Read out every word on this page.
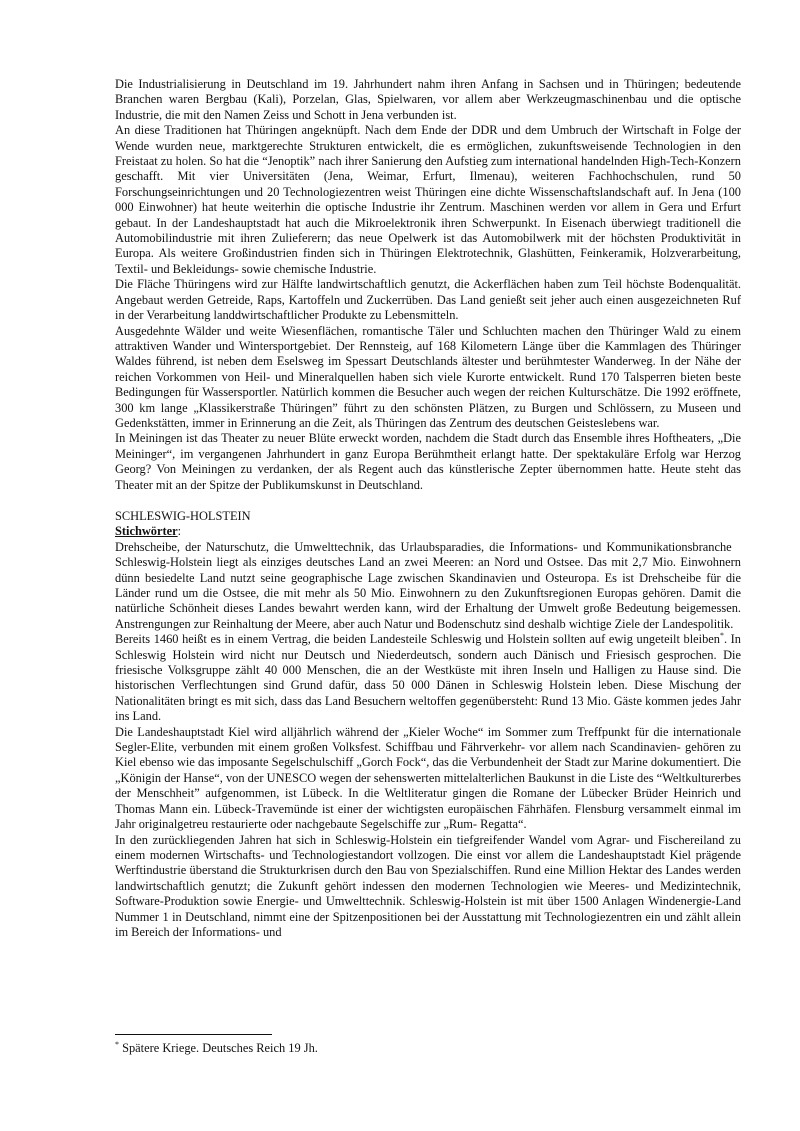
Die Industrialisierung in Deutschland im 19. Jahrhundert nahm ihren Anfang in Sachsen und in Thüringen; bedeutende Branchen waren Bergbau (Kali), Porzelan, Glas, Spielwaren, vor allem aber Werkzeugmaschinenbau und die optische Industrie, die mit den Namen Zeiss und Schott in Jena verbunden ist.

An diese Traditionen hat Thüringen angeknüpft. Nach dem Ende der DDR und dem Umbruch der Wirtschaft in Folge der Wende wurden neue, marktgerechte Strukturen entwickelt, die es ermöglichen, zukunftsweisende Technologien in den Freistaat zu holen. So hat die “Jenoptik” nach ihrer Sanierung den Aufstieg zum international handelnden High-Tech-Konzern geschafft. Mit vier Universitäten (Jena, Weimar, Erfurt, Ilmenau), weiteren Fachhochschulen, rund 50 Forschungseinrichtungen und 20 Technologiezentren weist Thüringen eine dichte Wissenschaftslandschaft auf. In Jena (100 000 Einwohner) hat heute weiterhin die optische Industrie ihr Zentrum. Maschinen werden vor allem in Gera und Erfurt gebaut. In der Landeshauptstadt hat auch die Mikroelektronik ihren Schwerpunkt. In Eisenach überwiegt traditionell die Automobilindustrie mit ihren Zulieferern; das neue Opelwerk ist das Automobilwerk mit der höchsten Produktivität in Europa. Als weitere Großindustrien finden sich in Thüringen Elektrotechnik, Glashütten, Feinkeramik, Holzverarbeitung, Textil- und Bekleidungs- sowie chemische Industrie.

Die Fläche Thüringens wird zur Hälfte landwirtschaftlich genutzt, die Ackerflächen haben zum Teil höchste Bodenqualität. Angebaut werden Getreide, Raps, Kartoffeln und Zuckerrüben. Das Land genießt seit jeher auch einen ausgezeichneten Ruf in der Verarbeitung landdwirtschaftlicher Produkte zu Lebensmitteln.

Ausgedehnte Wälder und weite Wiesenflächen, romantische Täler und Schluchten machen den Thüringer Wald zu einem attraktiven Wander und Wintersportgebiet. Der Rennsteig, auf 168 Kilometern Länge über die Kammlagen des Thüringer Waldes führend, ist neben dem Eselsweg im Spessart Deutschlands ältester und berühmtester Wanderweg. In der Nähe der reichen Vorkommen von Heil- und Mineralquellen haben sich viele Kurorte entwickelt. Rund 170 Talsperren bieten beste Bedingungen für Wassersportler. Natürlich kommen die Besucher auch wegen der reichen Kulturschätze. Die 1992 eröffnete, 300 km lange „Klassikerstraße Thüringen” führt zu den schönsten Plätzen, zu Burgen und Schlössern, zu Museen und Gedenkstätten, immer in Erinnerung an die Zeit, als Thüringen das Zentrum des deutschen Geisteslebens war.

In Meiningen ist das Theater zu neuer Blüte erweckt worden, nachdem die Stadt durch das Ensemble ihres Hoftheaters, „Die Meininger“, im vergangenen Jahrhundert in ganz Europa Berühmtheit erlangt hatte. Der spektakuläre Erfolg war Herzog Georg? Von Meiningen zu verdanken, der als Regent auch das künstlerische Zepter übernommen hatte. Heute steht das Theater mit an der Spitze der Publikumskunst in Deutschland.

SCHLESWIG-HOLSTEIN

Stichwörter:

Drehscheibe, der Naturschutz, die Umwelttechnik, das Urlaubsparadies, die Informations- und Kommunikationsbranche

Schleswig-Holstein liegt als einziges deutsches Land an zwei Meeren: an Nord und Ostsee. Das mit 2,7 Mio. Einwohnern dünn besiedelte Land nutzt seine geographische Lage zwischen Skandinavien und Osteuropa. Es ist Drehscheibe für die Länder rund um die Ostsee, die mit mehr als 50 Mio. Einwohnern zu den Zukunftsregionen Europas gehören. Damit die natürliche Schönheit dieses Landes bewahrt werden kann, wird der Erhaltung der Umwelt große Bedeutung beigemessen. Anstrengungen zur Reinhaltung der Meere, aber auch Natur und Bodenschutz sind deshalb wichtige Ziele der Landespolitik.

Bereits 1460 heißt es in einem Vertrag, die beiden Landesteile Schleswig und Holstein sollten auf ewig ungeteilt bleiben*. In Schleswig Holstein wird nicht nur Deutsch und Niederdeutsch, sondern auch Dänisch und Friesisch gesprochen. Die friesische Volksgruppe zählt 40 000 Menschen, die an der Westküste mit ihren Inseln und Halligen zu Hause sind. Die historischen Verflechtungen sind Grund dafür, dass 50 000 Dänen in Schleswig Holstein leben. Diese Mischung der Nationalitäten bringt es mit sich, dass das Land Besuchern weltoffen gegenübersteht: Rund 13 Mio. Gäste kommen jedes Jahr ins Land.

Die Landeshauptstadt Kiel wird alljährlich während der „Kieler Woche“ im Sommer zum Treffpunkt für die internationale Segler-Elite, verbunden mit einem großen Volksfest. Schiffbau und Fährverkehr- vor allem nach Scandinavien- gehören zu Kiel ebenso wie das imposante Segelschulschiff „Gorch Fock“, das die Verbundenheit der Stadt zur Marine dokumentiert. Die „Königin der Hanse“, von der UNESCO wegen der sehenswerten mittelalterlichen Baukunst in die Liste des “Weltkulturerbes der Menschheit” aufgenommen, ist Lübeck. In die Weltliteratur gingen die Romane der Lübecker Brüder Heinrich und Thomas Mann ein. Lübeck-Travemünde ist einer der wichtigsten europäischen Fährhäfen. Flensburg versammelt einmal im Jahr originalgetreu restaurierte oder nachgebaute Segelschiffe zur „Rum- Regatta“.

In den zurückliegenden Jahren hat sich in Schleswig-Holstein ein tiefgreifender Wandel vom Agrar- und Fischereiland zu einem modernen Wirtschafts- und Technologiestandort vollzogen. Die einst vor allem die Landeshauptstadt Kiel prägende Werftindustrie überstand die Strukturkrisen durch den Bau von Spezialschiffen. Rund eine Million Hektar des Landes werden landwirtschaftlich genutzt; die Zukunft gehört indessen den modernen Technologien wie Meeres- und Medizintechnik, Software-Produktion sowie Energie- und Umwelttechnik. Schleswig-Holstein ist mit über 1500 Anlagen Windenergie-Land Nummer 1 in Deutschland, nimmt eine der Spitzenpositionen bei der Ausstattung mit Technologiezentren ein und zählt allein im Bereich der Informations- und

* Spätere Kriege. Deutsches Reich 19 Jh.
